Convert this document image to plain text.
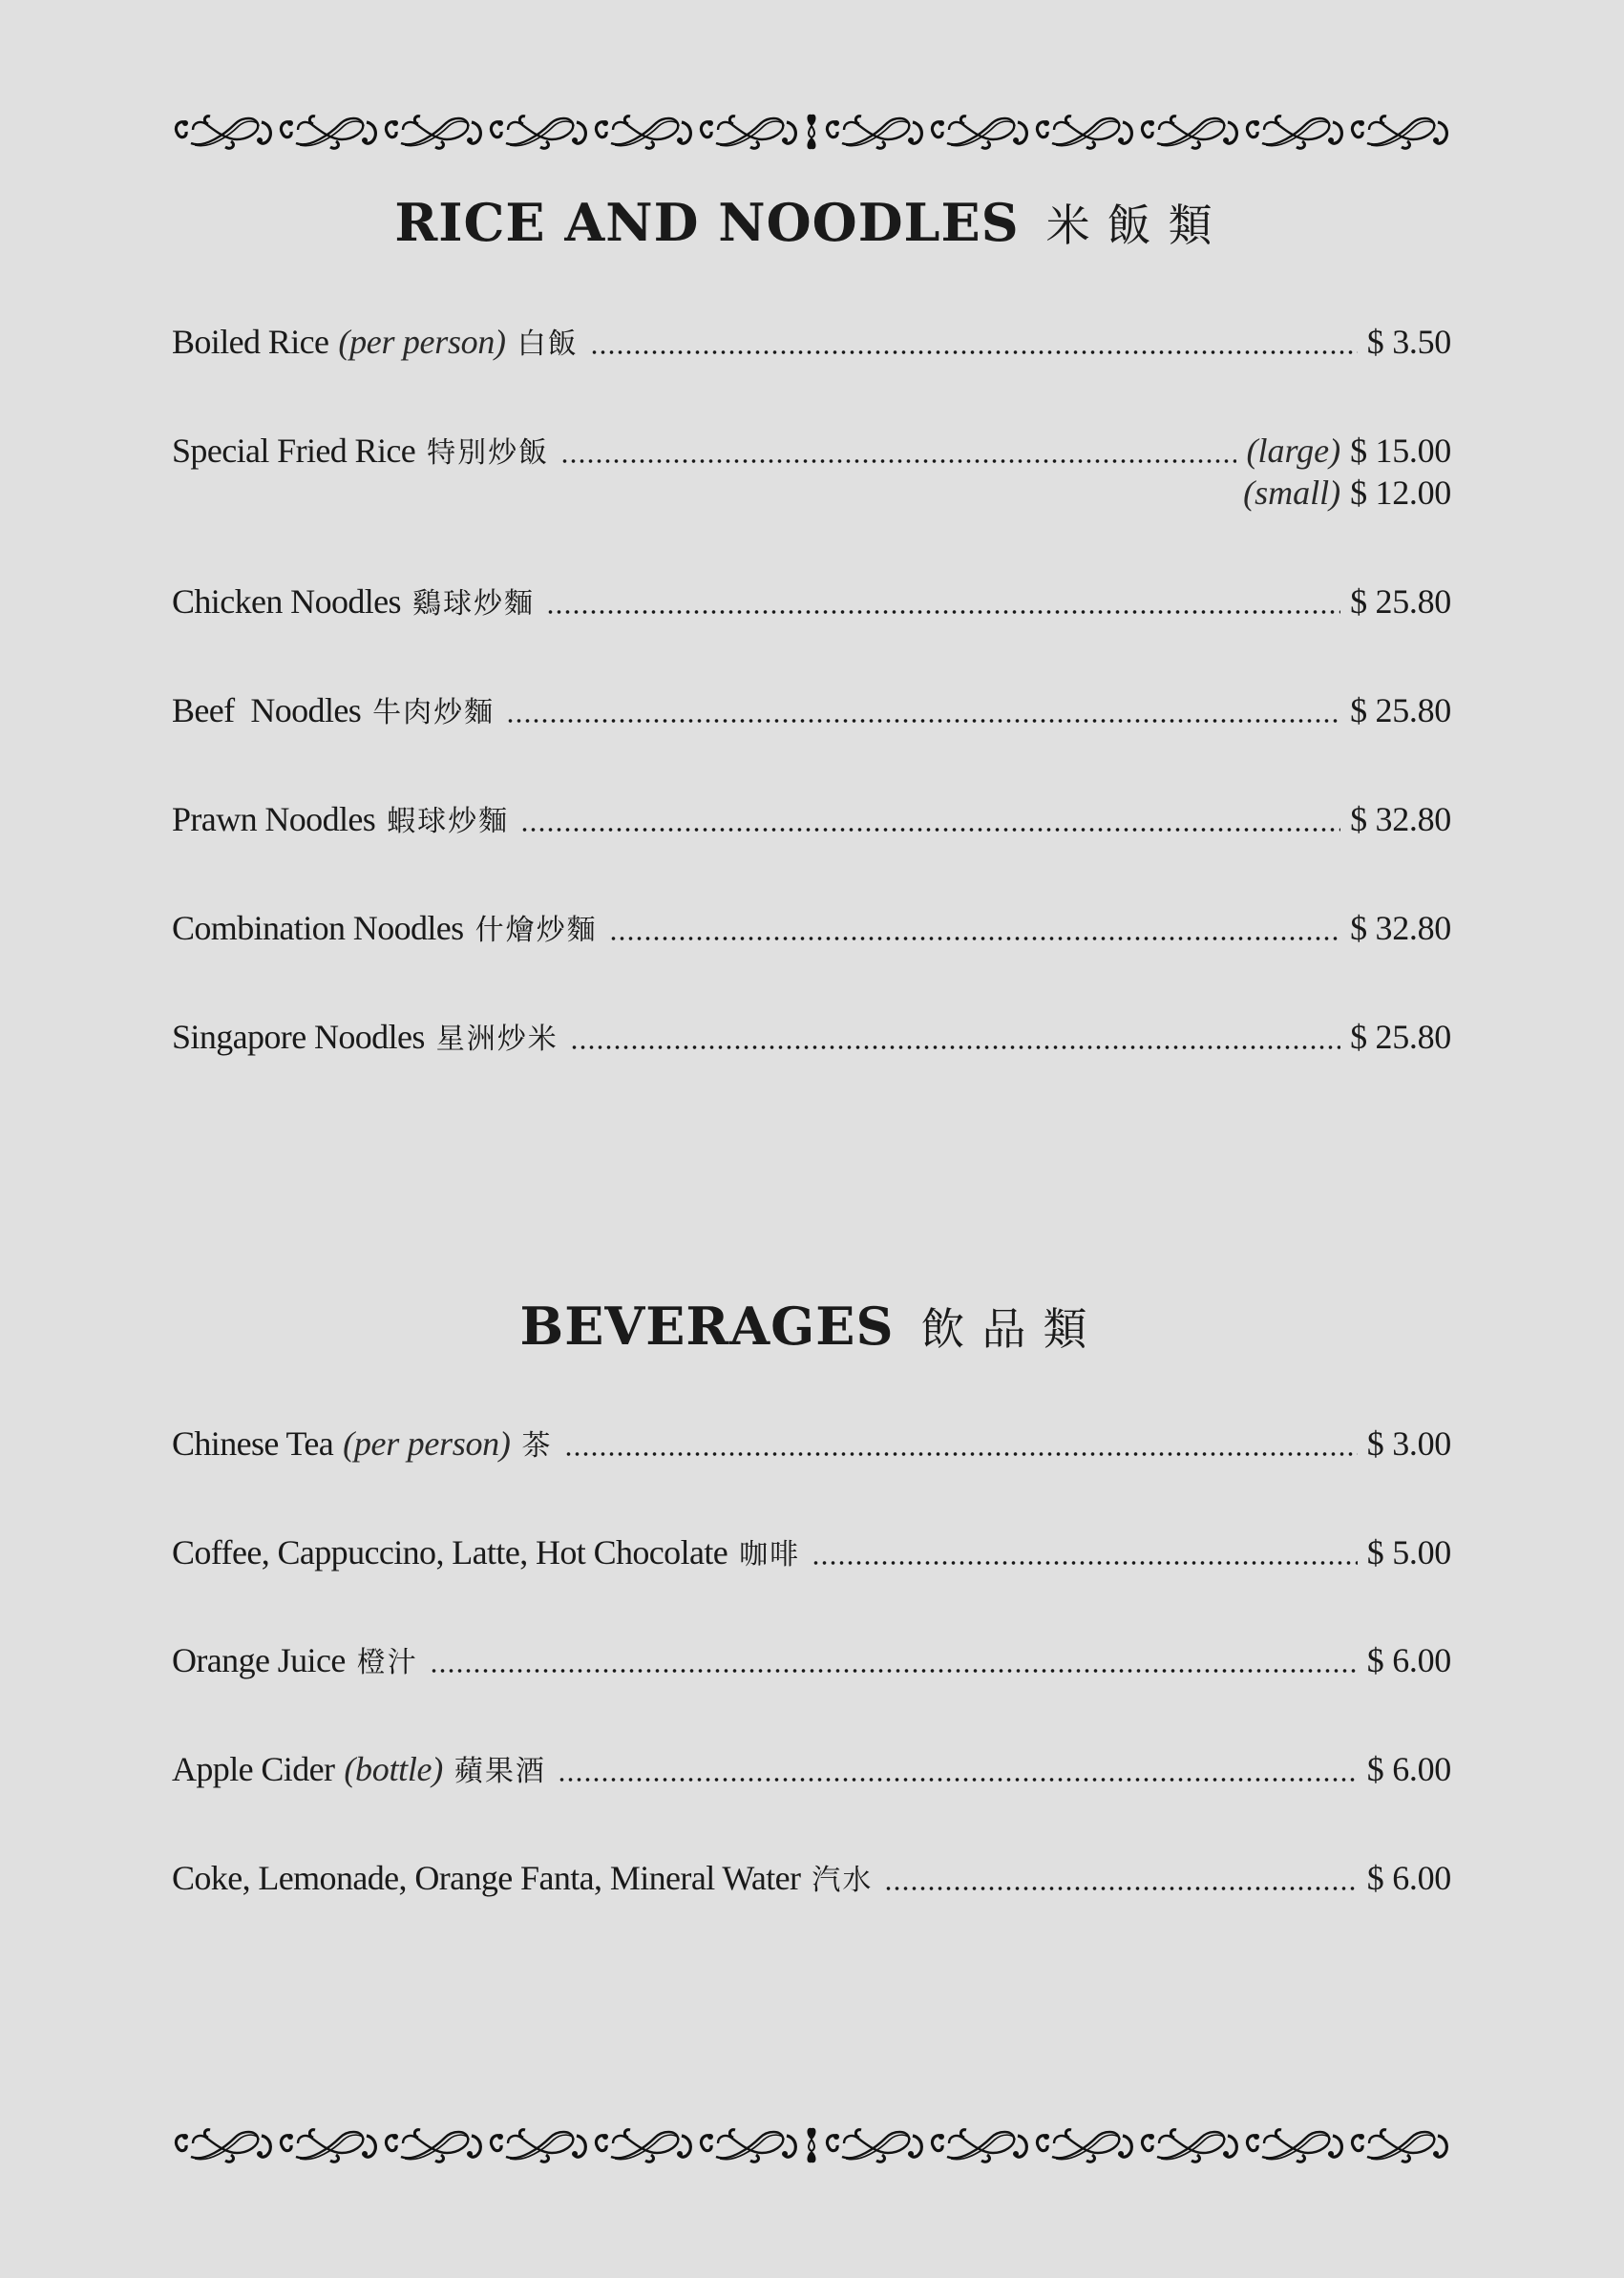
RICE AND NOODLES 米飯類
Boiled Rice (per person) 白飯	$ 3.50
Special Fried Rice 特別炒飯	(large) $ 15.00
(small) $ 12.00
Chicken Noodles 鷄球炒麵	$ 25.80
Beef  Noodles 牛肉炒麵	$ 25.80
Prawn Noodles 蝦球炒麵	$ 32.80
Combination Noodles 什燴炒麵	$ 32.80
Singapore Noodles 星洲炒米	$ 25.80
BEVERAGES 飲品類
Chinese Tea (per person) 茶	$ 3.00
Coffee, Cappuccino, Latte, Hot Chocolate 咖啡	$ 5.00
Orange Juice 橙汁	$ 6.00
Apple Cider (bottle) 蘋果酒	$ 6.00
Coke, Lemonade, Orange Fanta, Mineral Water 汽水	$ 6.00
